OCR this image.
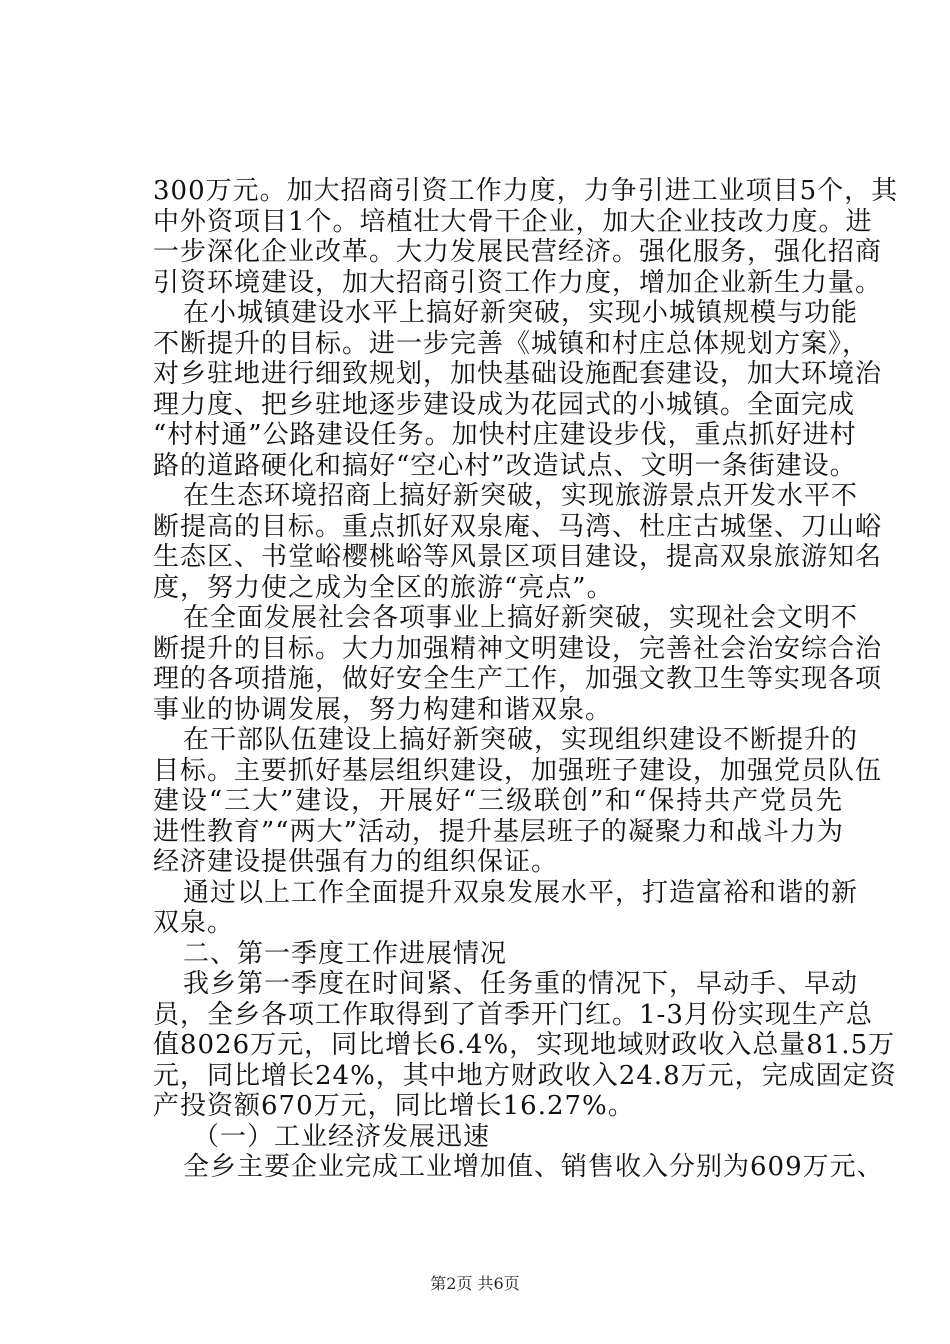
300万元。加大招商引资工作力度，力争引进工业项目5个，其
中外资项目1个。培植壮大骨干企业，加大企业技改力度。进
一步深化企业改革。大力发展民营经济。强化服务，强化招商
引资环境建设，加大招商引资工作力度，增加企业新生力量。
在小城镇建设水平上搞好新突破，实现小城镇规模与功能
不断提升的目标。进一步完善《城镇和村庄总体规划方案》，
对乡驻地进行细致规划，加快基础设施配套建设，加大环境治
理力度、把乡驻地逐步建设成为花园式的小城镇。全面完成
“村村通”公路建设任务。加快村庄建设步伐，重点抓好进村
路的道路硬化和搞好“空心村”改造试点、文明一条街建设。
在生态环境招商上搞好新突破，实现旅游景点开发水平不
断提高的目标。重点抓好双泉庵、马湾、杜庄古城堡、刀山峪
生态区、书堂峪樱桃峪等风景区项目建设，提高双泉旅游知名
度，努力使之成为全区的旅游“亮点”。
在全面发展社会各项事业上搞好新突破，实现社会文明不
断提升的目标。大力加强精神文明建设，完善社会治安综合治
理的各项措施，做好安全生产工作，加强文教卫生等实现各项
事业的协调发展，努力构建和谐双泉。
在干部队伍建设上搞好新突破，实现组织建设不断提升的
目标。主要抓好基层组织建设，加强班子建设，加强党员队伍
建设“三大”建设，开展好“三级联创”和“保持共产党员先
进性教育”“两大”活动，提升基层班子的凝聚力和战斗力为
经济建设提供强有力的组织保证。
通过以上工作全面提升双泉发展水平，打造富裕和谐的新
双泉。
二、第一季度工作进展情况
我乡第一季度在时间紧、任务重的情况下，早动手、早动
员，全乡各项工作取得到了首季开门红。1-3月份实现生产总
值8026万元，同比增长6.4%，实现地域财政收入总量81.5万
元，同比增长24%，其中地方财政收入24.8万元，完成固定资
产投资额670万元，同比增长16.27%。
（一）工业经济发展迅速
全乡主要企业完成工业增加值、销售收入分别为609万元、
第2页 共6页
